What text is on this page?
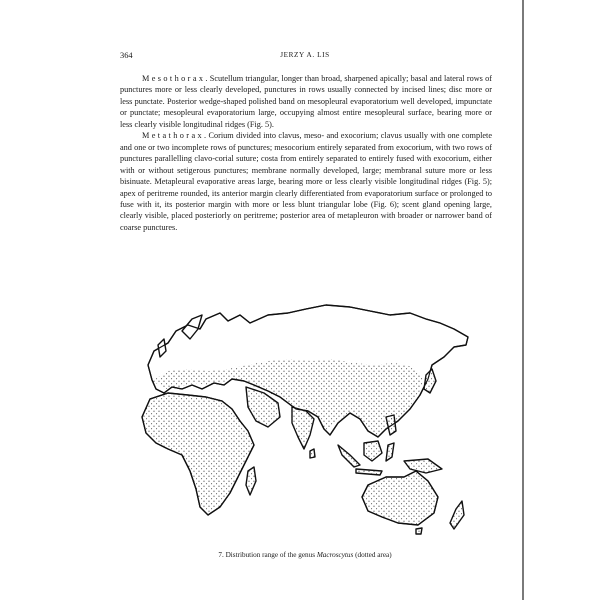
364	JERZY A. LIS

Mesothorax. Scutellum triangular, longer than broad, sharpened apically; basal and lateral rows of punctures more or less clearly developed, punctures in rows usually connected by incised lines; disc more or less punctate. Posterior wedge-shaped polished band on mesopleural evaporatorium well developed, impunctate or punctate; mesopleural evaporatorium large, occupying almost entire mesopleural surface, bearing more or less clearly visible longitudinal ridges (Fig. 5).

Metathorax. Corium divided into clavus, meso- and exocorium; clavus usually with one complete and one or two incomplete rows of punctures; mesocorium entirely separated from exocorium, with two rows of punctures parallelling clavo-corial suture; costa from entirely separated to entirely fused with exocorium, either with or without setigerous punctures; membrane normally developed, large; membranal suture more or less bisinuate. Metapleural evaporative areas large, bearing more or less clearly visible longitudinal ridges (Fig. 5); apex of peritreme rounded, its anterior margin clearly differentiated from evaporatorium surface or prolonged to fuse with it, its posterior margin with more or less blunt triangular lobe (Fig. 6); scent gland opening large, clearly visible, placed posteriorly on peritreme; posterior area of metapleuron with broader or narrower band of coarse punctures.

7. Distribution range of the genus Macroscytus (dotted area)
